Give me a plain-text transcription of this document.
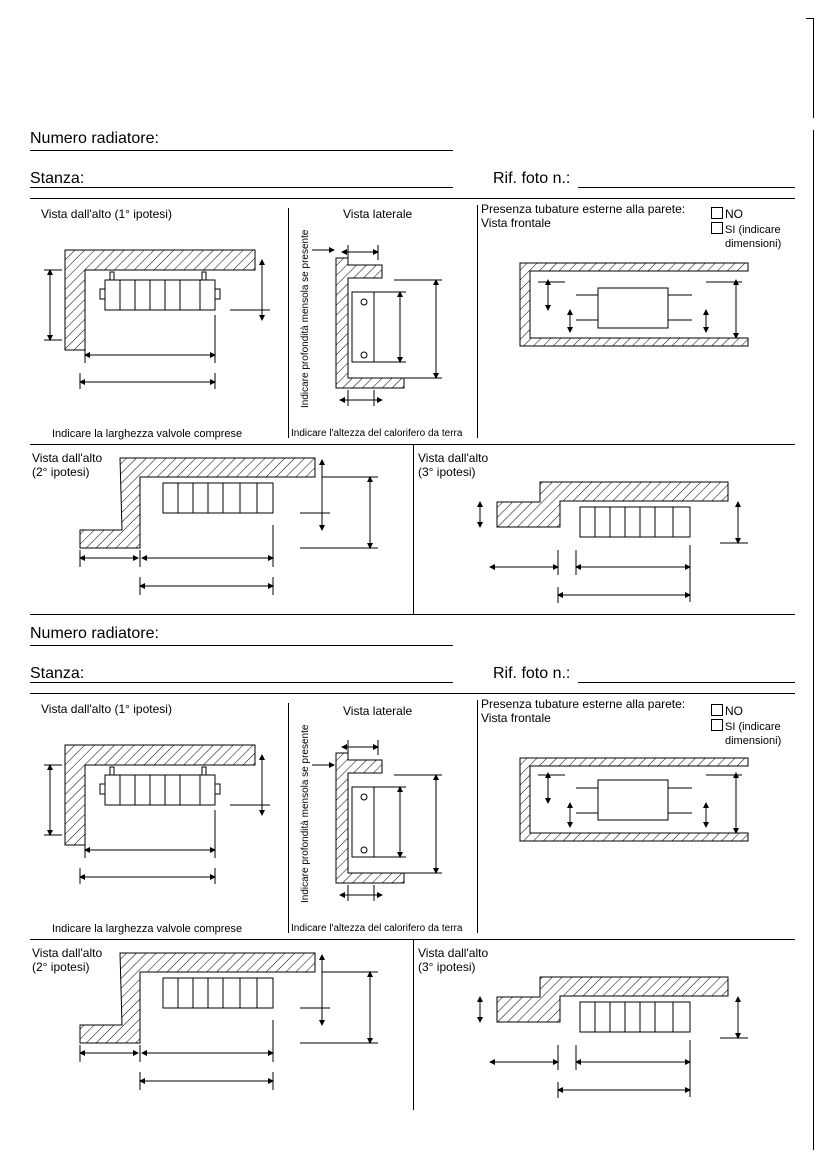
Numero radiatore:
Stanza:	Rif. foto n.:
Vista dall'alto (1° ipotesi)
Indicare la larghezza valvole comprese
Indicare profondità mensola se presente
Vista laterale
Indicare l'altezza del calorifero da terra
Presenza tubature esterne alla parete:
Vista frontale
NO
SI (indicare
dimensioni)
Vista dall'alto
(2° ipotesi)
Vista dall'alto
(3° ipotesi)
Numero radiatore:
Stanza:	Rif. foto n.:
Vista dall'alto (1° ipotesi)
Indicare la larghezza valvole comprese
Indicare profondità mensola se presente
Vista laterale
Indicare l'altezza del calorifero da terra
Presenza tubature esterne alla parete:
Vista frontale	NO
SI (indicare
dimensioni)
Vista dall'alto
(2° ipotesi)
Vista dall'alto
(3° ipotesi)
